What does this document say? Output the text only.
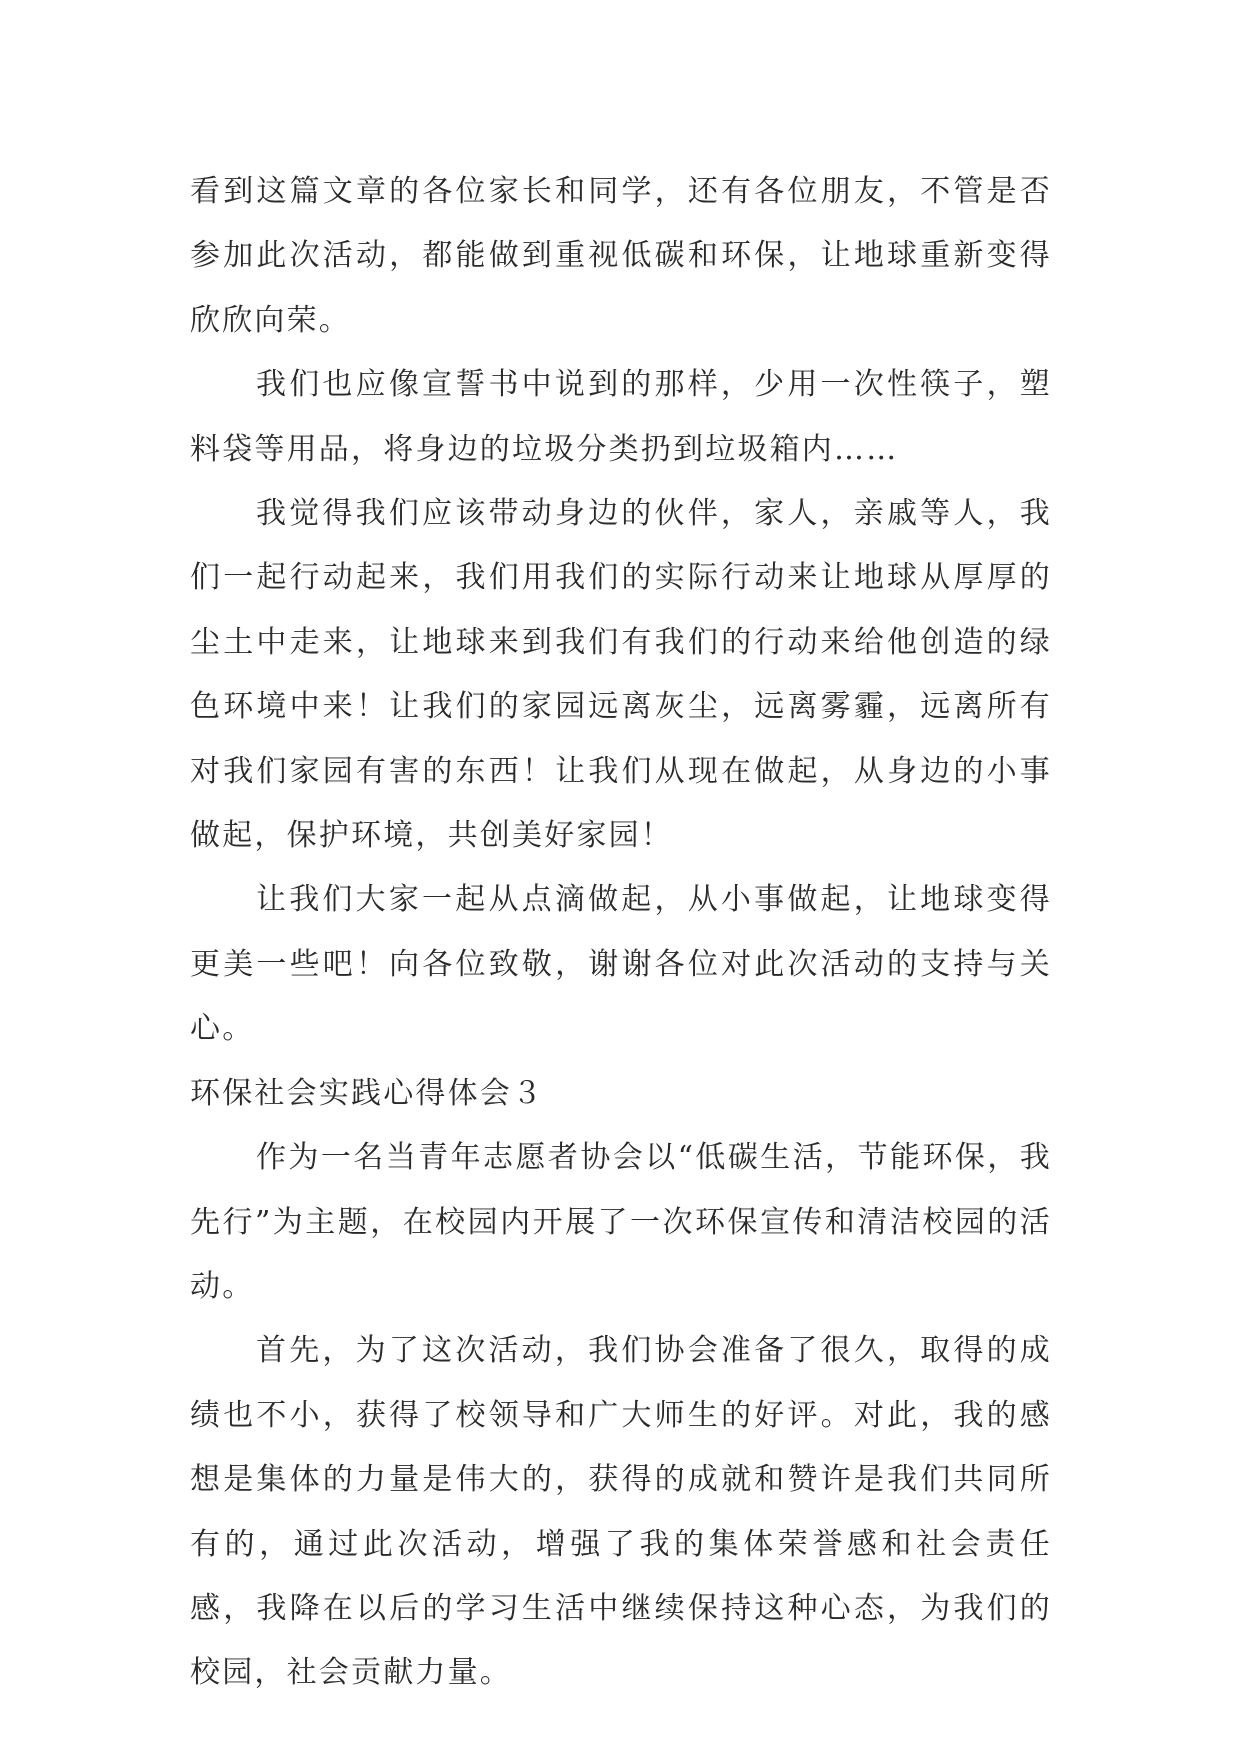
看到这篇文章的各位家长和同学，还有各位朋友，不管是否参加此次活动，都能做到重视低碳和环保，让地球重新变得欣欣向荣。

我们也应像宣誓书中说到的那样，少用一次性筷子，塑料袋等用品，将身边的垃圾分类扔到垃圾箱内……

我觉得我们应该带动身边的伙伴，家人，亲戚等人，我们一起行动起来，我们用我们的实际行动来让地球从厚厚的尘土中走来，让地球来到我们有我们的行动来给他创造的绿色环境中来！让我们的家园远离灰尘，远离雾霾，远离所有对我们家园有害的东西！让我们从现在做起，从身边的小事做起，保护环境，共创美好家园！

让我们大家一起从点滴做起，从小事做起，让地球变得更美一些吧！向各位致敬，谢谢各位对此次活动的支持与关心。

环保社会实践心得体会３

作为一名当青年志愿者协会以“低碳生活，节能环保，我先行”为主题，在校园内开展了一次环保宣传和清洁校园的活动。

首先，为了这次活动，我们协会准备了很久，取得的成绩也不小，获得了校领导和广大师生的好评。对此，我的感想是集体的力量是伟大的，获得的成就和赞许是我们共同所有的，通过此次活动，增强了我的集体荣誉感和社会责任感，我降在以后的学习生活中继续保持这种心态，为我们的校园，社会贡献力量。
